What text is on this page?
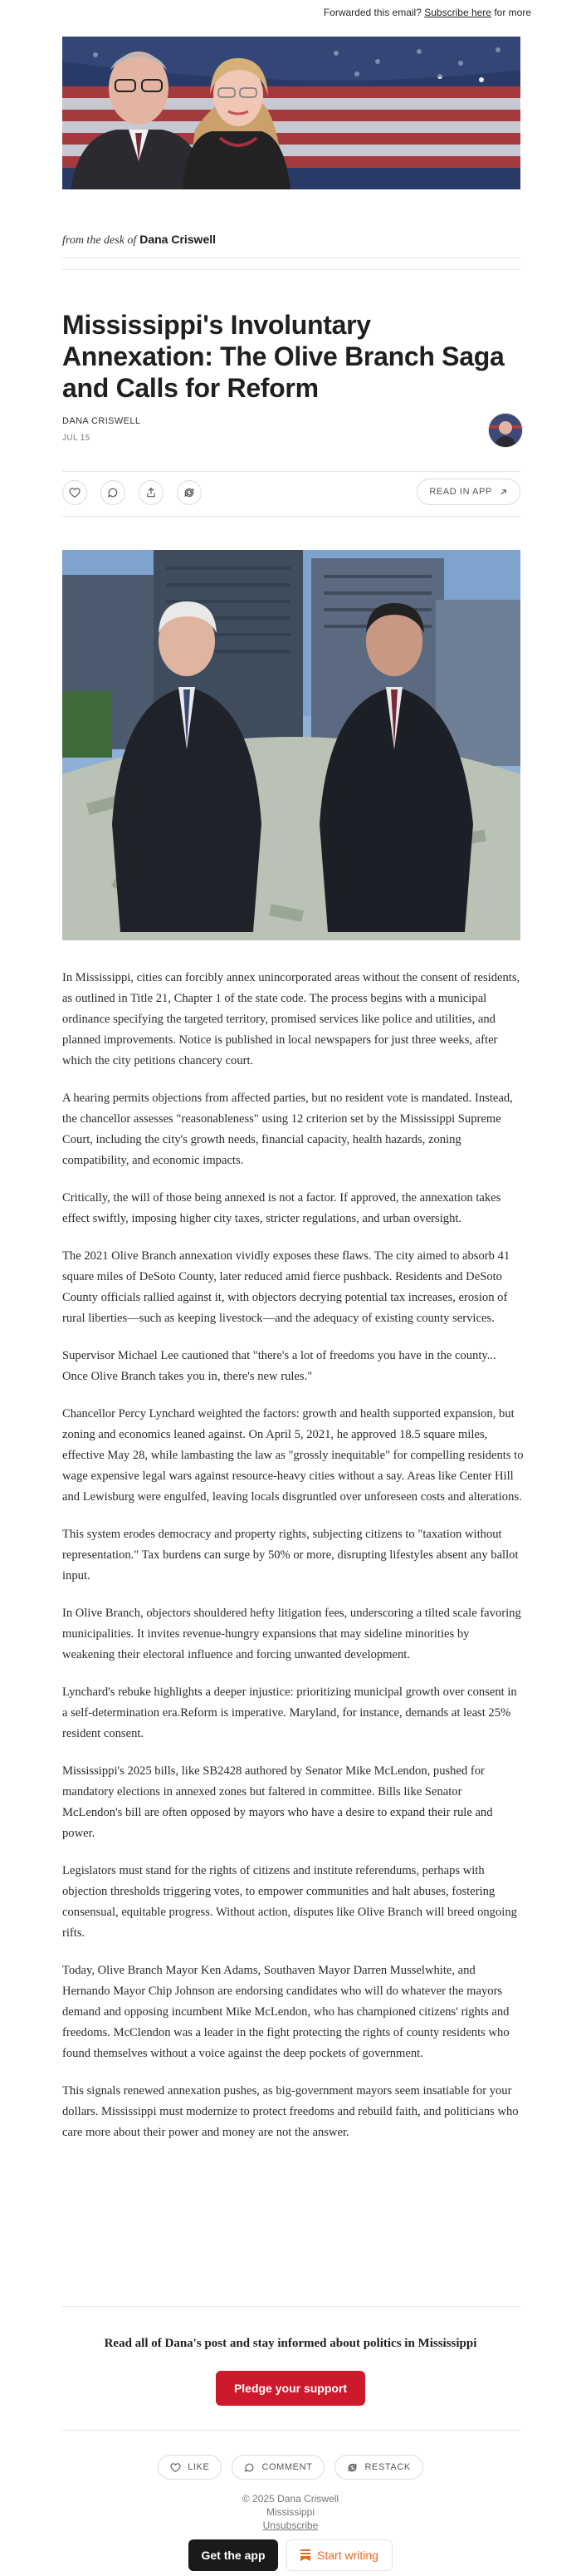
Forwarded this email? Subscribe here for more
from the desk of Dana Criswell
Mississippi's Involuntary Annexation: The Olive Branch Saga and Calls for Reform
DANA CRISWELL
JUL 15
READ IN APP

In Mississippi, cities can forcibly annex unincorporated areas without the consent of residents, as outlined in Title 21, Chapter 1 of the state code. The process begins with a municipal ordinance specifying the targeted territory, promised services like police and utilities, and planned improvements. Notice is published in local newspapers for just three weeks, after which the city petitions chancery court.

A hearing permits objections from affected parties, but no resident vote is mandated. Instead, the chancellor assesses "reasonableness" using 12 criterion set by the Mississippi Supreme Court, including the city's growth needs, financial capacity, health hazards, zoning compatibility, and economic impacts.

Critically, the will of those being annexed is not a factor. If approved, the annexation takes effect swiftly, imposing higher city taxes, stricter regulations, and urban oversight.

The 2021 Olive Branch annexation vividly exposes these flaws. The city aimed to absorb 41 square miles of DeSoto County, later reduced amid fierce pushback. Residents and DeSoto County officials rallied against it, with objectors decrying potential tax increases, erosion of rural liberties—such as keeping livestock—and the adequacy of existing county services.

Supervisor Michael Lee cautioned that "there's a lot of freedoms you have in the county... Once Olive Branch takes you in, there's new rules."

Chancellor Percy Lynchard weighted the factors: growth and health supported expansion, but zoning and economics leaned against. On April 5, 2021, he approved 18.5 square miles, effective May 28, while lambasting the law as "grossly inequitable" for compelling residents to wage expensive legal wars against resource-heavy cities without a say. Areas like Center Hill and Lewisburg were engulfed, leaving locals disgruntled over unforeseen costs and alterations.

This system erodes democracy and property rights, subjecting citizens to "taxation without representation." Tax burdens can surge by 50% or more, disrupting lifestyles absent any ballot input.

In Olive Branch, objectors shouldered hefty litigation fees, underscoring a tilted scale favoring municipalities. It invites revenue-hungry expansions that may sideline minorities by weakening their electoral influence and forcing unwanted development.

Lynchard's rebuke highlights a deeper injustice: prioritizing municipal growth over consent in a self-determination era.Reform is imperative. Maryland, for instance, demands at least 25% resident consent.

Mississippi's 2025 bills, like SB2428 authored by Senator Mike McLendon, pushed for mandatory elections in annexed zones but faltered in committee. Bills like Senator McLendon's bill are often opposed by mayors who have a desire to expand their rule and power.

Legislators must stand for the rights of citizens and institute referendums, perhaps with objection thresholds triggering votes, to empower communities and halt abuses, fostering consensual, equitable progress. Without action, disputes like Olive Branch will breed ongoing rifts.

Today, Olive Branch Mayor Ken Adams, Southaven Mayor Darren Musselwhite, and Hernando Mayor Chip Johnson are endorsing candidates who will do whatever the mayors demand and opposing incumbent Mike McLendon, who has championed citizens' rights and freedoms. McClendon was a leader in the fight protecting the rights of county residents who found themselves without a voice against the deep pockets of government.

This signals renewed annexation pushes, as big-government mayors seem insatiable for your dollars. Mississippi must modernize to protect freedoms and rebuild faith, and politicians who care more about their power and money are not the answer.

Read all of Dana's post and stay informed about politics in Mississippi
Pledge your support
LIKE	COMMENT	RESTACK
© 2025 Dana Criswell
Mississippi
Unsubscribe
Get the app	Start writing
